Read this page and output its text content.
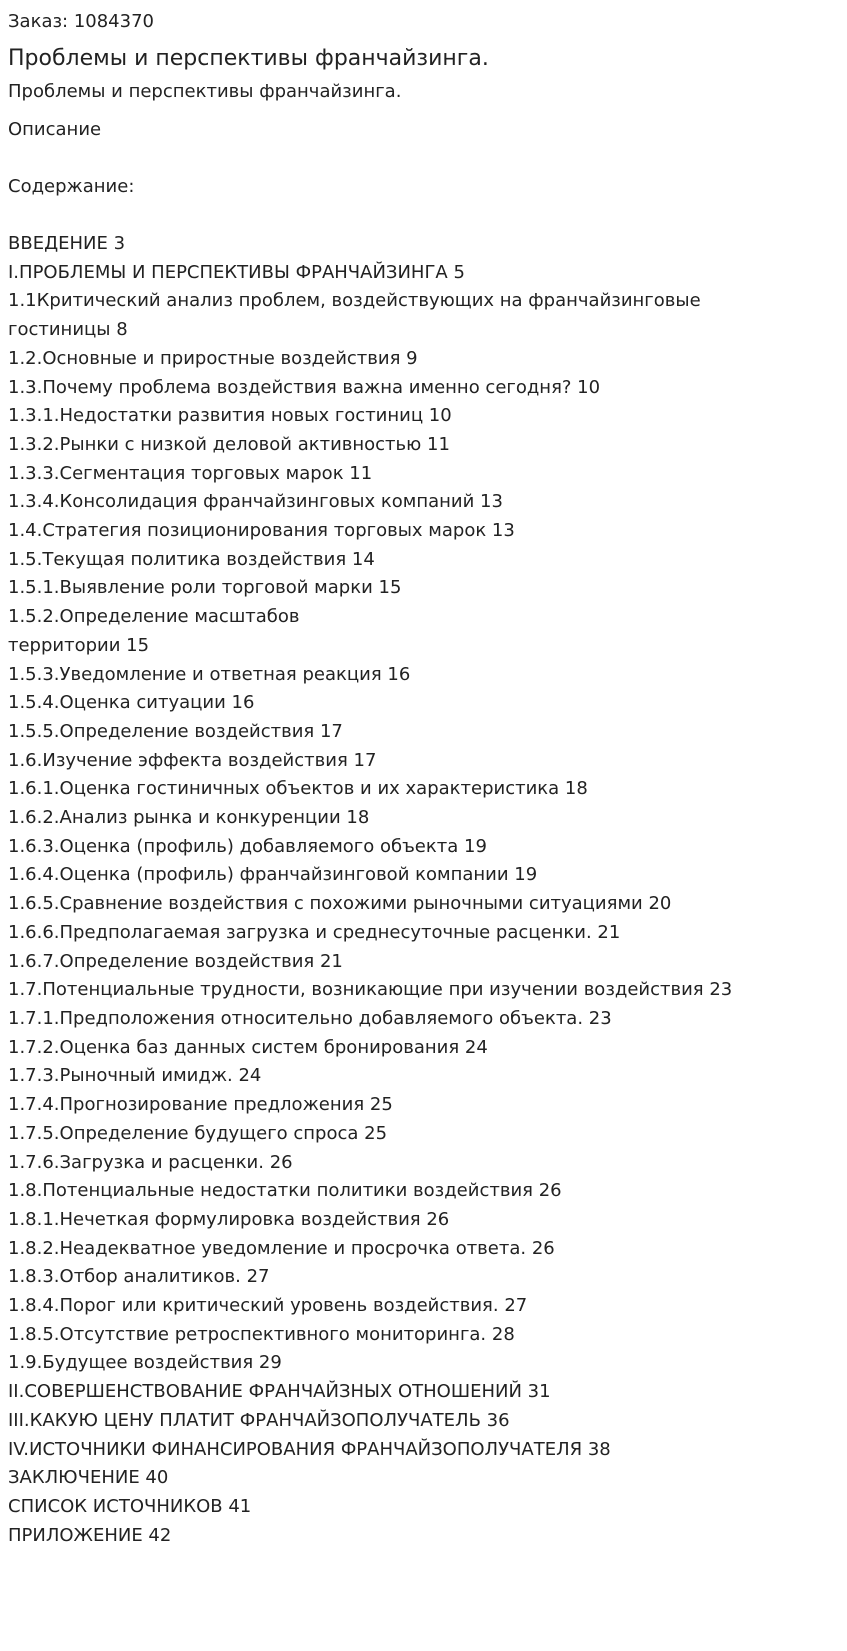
Заказ: 1084370
Проблемы и перспективы франчайзинга.
Проблемы и перспективы франчайзинга.
Описание
Содержание:
ВВЕДЕНИЕ 3
I.ПРОБЛЕМЫ И ПЕРСПЕКТИВЫ ФРАНЧАЙЗИНГА 5
1.1Критический анализ проблем, воздействующих на франчайзинговые гостиницы 8
1.2.Основные и приростные воздействия 9
1.3.Почему проблема воздействия важна именно сегодня? 10
1.3.1.Недостатки развития новых гостиниц 10
1.3.2.Рынки с низкой деловой активностью 11
1.3.3.Сегментация торговых марок 11
1.3.4.Консолидация франчайзинговых компаний 13
1.4.Стратегия позиционирования торговых марок 13
1.5.Текущая политика воздействия 14
1.5.1.Выявление роли торговой марки 15
1.5.2.Определение масштабов
территории 15
1.5.3.Уведомление и ответная реакция 16
1.5.4.Оценка ситуации 16
1.5.5.Определение воздействия 17
1.6.Изучение эффекта воздействия 17
1.6.1.Оценка гостиничных объектов и их характеристика 18
1.6.2.Анализ рынка и конкуренции 18
1.6.3.Оценка (профиль) добавляемого объекта 19
1.6.4.Оценка (профиль) франчайзинговой компании 19
1.6.5.Сравнение воздействия с похожими рыночными ситуациями 20
1.6.6.Предполагаемая загрузка и среднесуточные расценки. 21
1.6.7.Определение воздействия 21
1.7.Потенциальные трудности, возникающие при изучении воздействия 23
1.7.1.Предположения относительно добавляемого объекта. 23
1.7.2.Оценка баз данных систем бронирования 24
1.7.3.Рыночный имидж. 24
1.7.4.Прогнозирование предложения 25
1.7.5.Определение будущего спроса 25
1.7.6.Загрузка и расценки. 26
1.8.Потенциальные недостатки политики воздействия 26
1.8.1.Нечеткая формулировка воздействия 26
1.8.2.Неадекватное уведомление и просрочка ответа. 26
1.8.3.Отбор аналитиков. 27
1.8.4.Порог или критический уровень воздействия. 27
1.8.5.Отсутствие ретроспективного мониторинга. 28
1.9.Будущее воздействия 29
II.СОВЕРШЕНСТВОВАНИЕ ФРАНЧАЙЗНЫХ ОТНОШЕНИЙ 31
III.КАКУЮ ЦЕНУ ПЛАТИТ ФРАНЧАЙЗОПОЛУЧАТЕЛЬ 36
IV.ИСТОЧНИКИ ФИНАНСИРОВАНИЯ ФРАНЧАЙЗОПОЛУЧАТЕЛЯ 38
ЗАКЛЮЧЕНИЕ 40
СПИСОК ИСТОЧНИКОВ 41
ПРИЛОЖЕНИЕ 42
